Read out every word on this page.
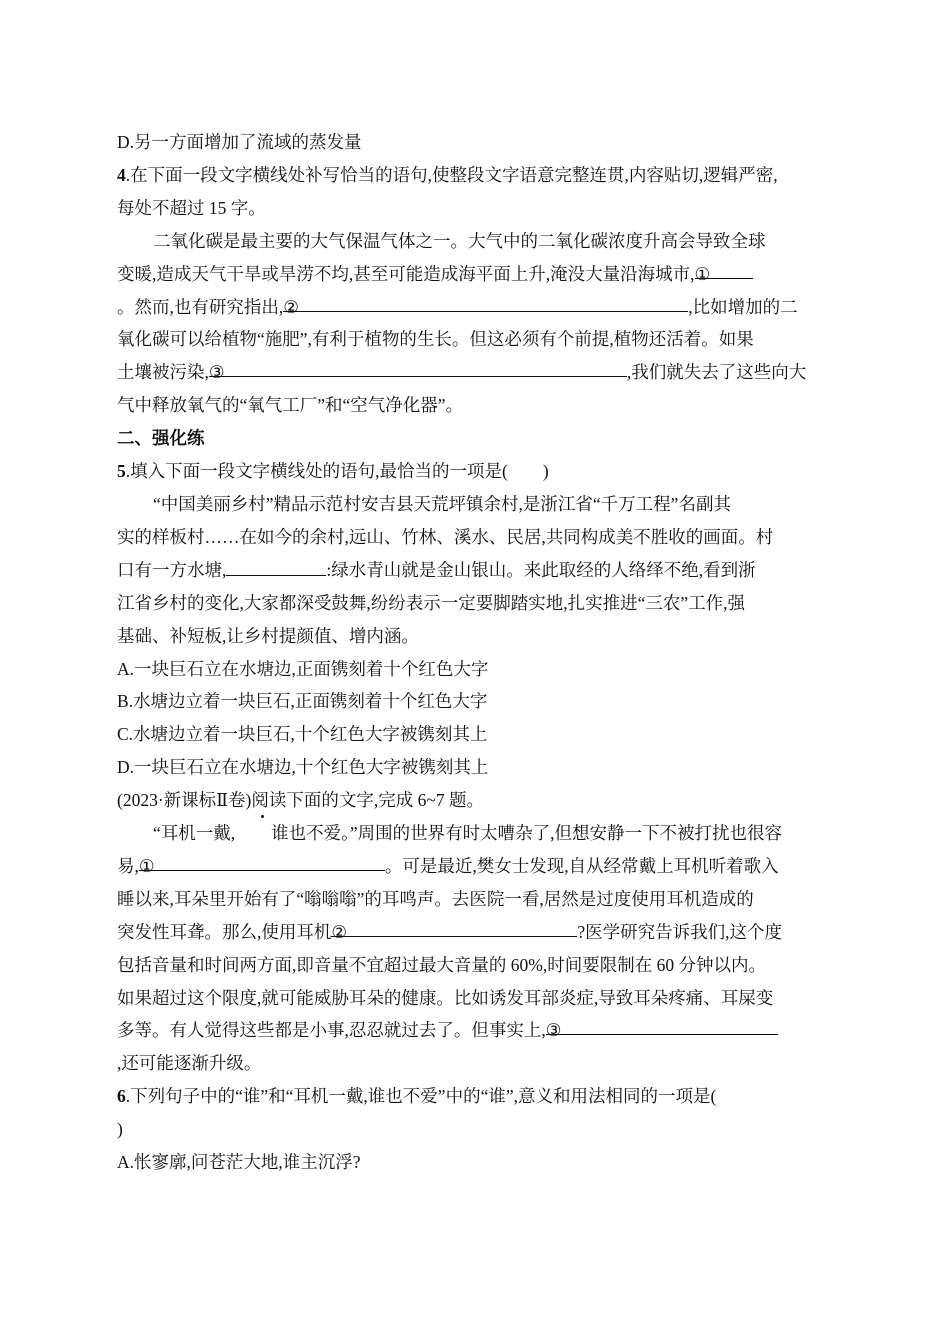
D.另一方面增加了流域的蒸发量
4.在下面一段文字横线处补写恰当的语句,使整段文字语意完整连贯,内容贴切,逻辑严密,
每处不超过 15 字。
二氧化碳是最主要的大气保温气体之一。大气中的二氧化碳浓度升高会导致全球
变暖,造成天气干旱或旱涝不均,甚至可能造成海平面上升,淹没大量沿海城市,①
。然而,也有研究指出,②	,比如增加的二
氧化碳可以给植物“施肥”,有利于植物的生长。但这必须有个前提,植物还活着。如果
土壤被污染,③	,我们就失去了这些向大
气中释放氧气的“氧气工厂”和“空气净化器”。
二、强化练
5.填入下面一段文字横线处的语句,最恰当的一项是(　　)
“中国美丽乡村”精品示范村安吉县天荒坪镇余村,是浙江省“千万工程”名副其
实的样板村……在如今的余村,远山、竹林、溪水、民居,共同构成美不胜收的画面。村
口有一方水塘,	:绿水青山就是金山银山。来此取经的人络绎不绝,看到浙
江省乡村的变化,大家都深受鼓舞,纷纷表示一定要脚踏实地,扎实推进“三农”工作,强
基础、补短板,让乡村提颜值、增内涵。
A.一块巨石立在水塘边,正面镌刻着十个红色大字
B.水塘边立着一块巨石,正面镌刻着十个红色大字
C.水塘边立着一块巨石,十个红色大字被镌刻其上
D.一块巨石立在水塘边,十个红色大字被镌刻其上
(2023·新课标Ⅱ卷)阅读下面的文字,完成 6~7 题。
“耳机一戴, 谁也不爱。”周围的世界有时太嘈杂了,但想安静一下不被打扰也很容
易,①	。可是最近,樊女士发现,自从经常戴上耳机听着歌入
睡以来,耳朵里开始有了“嗡嗡嗡”的耳鸣声。去医院一看,居然是过度使用耳机造成的
突发性耳聋。那么,使用耳机②	?医学研究告诉我们,这个度
包括音量和时间两方面,即音量不宜超过最大音量的 60%,时间要限制在 60 分钟以内。
如果超过这个限度,就可能威胁耳朵的健康。比如诱发耳部炎症,导致耳朵疼痛、耳屎变
多等。有人觉得这些都是小事,忍忍就过去了。但事实上,③
,还可能逐渐升级。
6.下列句子中的“谁”和“耳机一戴,谁也不爱”中的“谁”,意义和用法相同的一项是(
)
A.怅寥廓,问苍茫大地,谁主沉浮?
